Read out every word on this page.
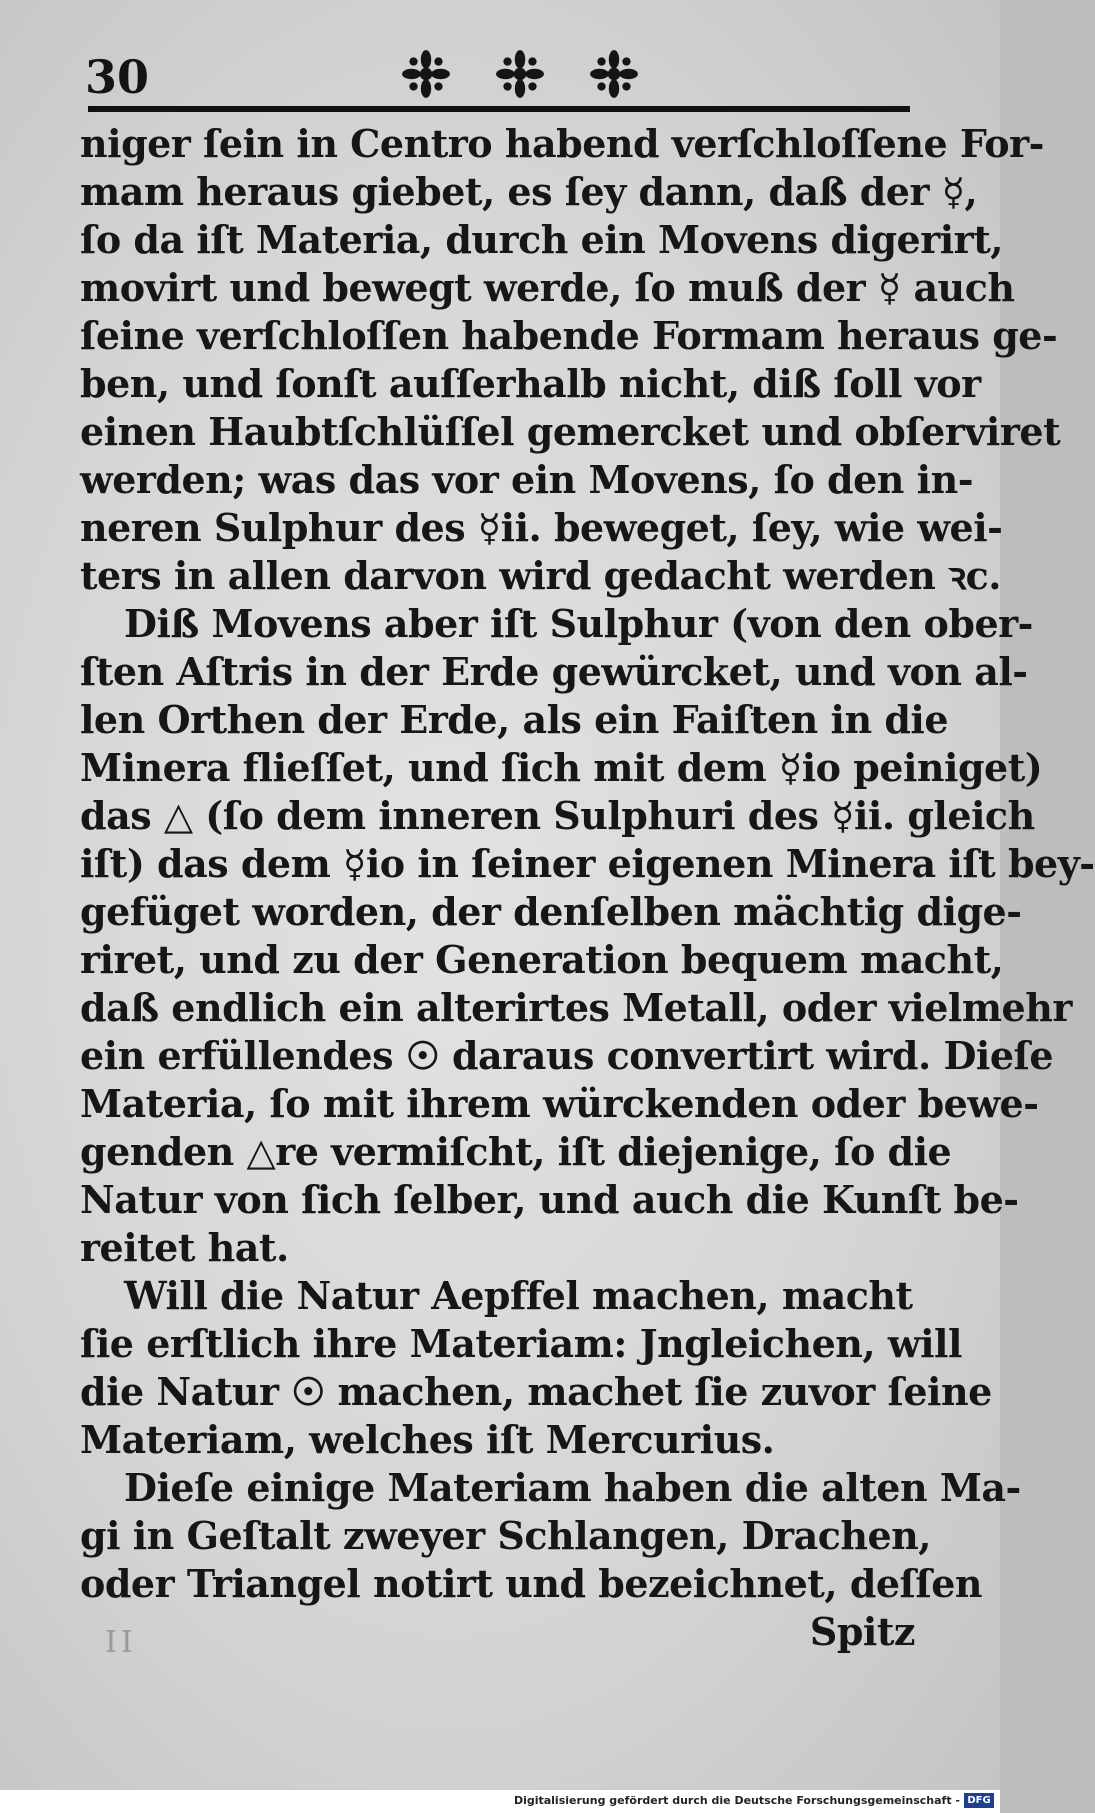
30
niger ſein in Centro habend verſchloſſene For-
mam heraus giebet, es ſey dann, daß der ☿,
ſo da iſt Materia, durch ein Movens digerirt,
movirt und bewegt werde, ſo muß der ☿ auch
ſeine verſchloſſen habende Formam heraus ge-
ben, und ſonſt auſſerhalb nicht, diß ſoll vor
einen Haubtſchlüſſel gemercket und obſerviret
werden; was das vor ein Movens, ſo den in-
neren Sulphur des ☿ii. beweget, ſey, wie wei-
ters in allen darvon wird gedacht werden ꝛc.
Diß Movens aber iſt Sulphur (von den ober-
ſten Aſtris in der Erde gewürcket, und von al-
len Orthen der Erde, als ein Faiſten in die
Minera flieſſet, und ſich mit dem ☿io peiniget)
das △ (ſo dem inneren Sulphuri des ☿ii. gleich
iſt) das dem ☿io in ſeiner eigenen Minera iſt bey-
gefüget worden, der denſelben mächtig dige-
riret, und zu der Generation bequem macht,
daß endlich ein alterirtes Metall, oder vielmehr
ein erfüllendes ☉ daraus convertirt wird. Dieſe
Materia, ſo mit ihrem würckenden oder bewe-
genden △re vermiſcht, iſt diejenige, ſo die
Natur von ſich ſelber, und auch die Kunſt be-
reitet hat.
Will die Natur Aepffel machen, macht
ſie erſtlich ihre Materiam: Jngleichen, will
die Natur ☉ machen, machet ſie zuvor ſeine
Materiam, welches iſt Mercurius.
Dieſe einige Materiam haben die alten Ma-
gi in Geſtalt zweyer Schlangen, Drachen,
oder Triangel notirt und bezeichnet, deſſen
Spitz
II
Digitalisierung gefördert durch die Deutsche Forschungsgemeinschaft - DFG
